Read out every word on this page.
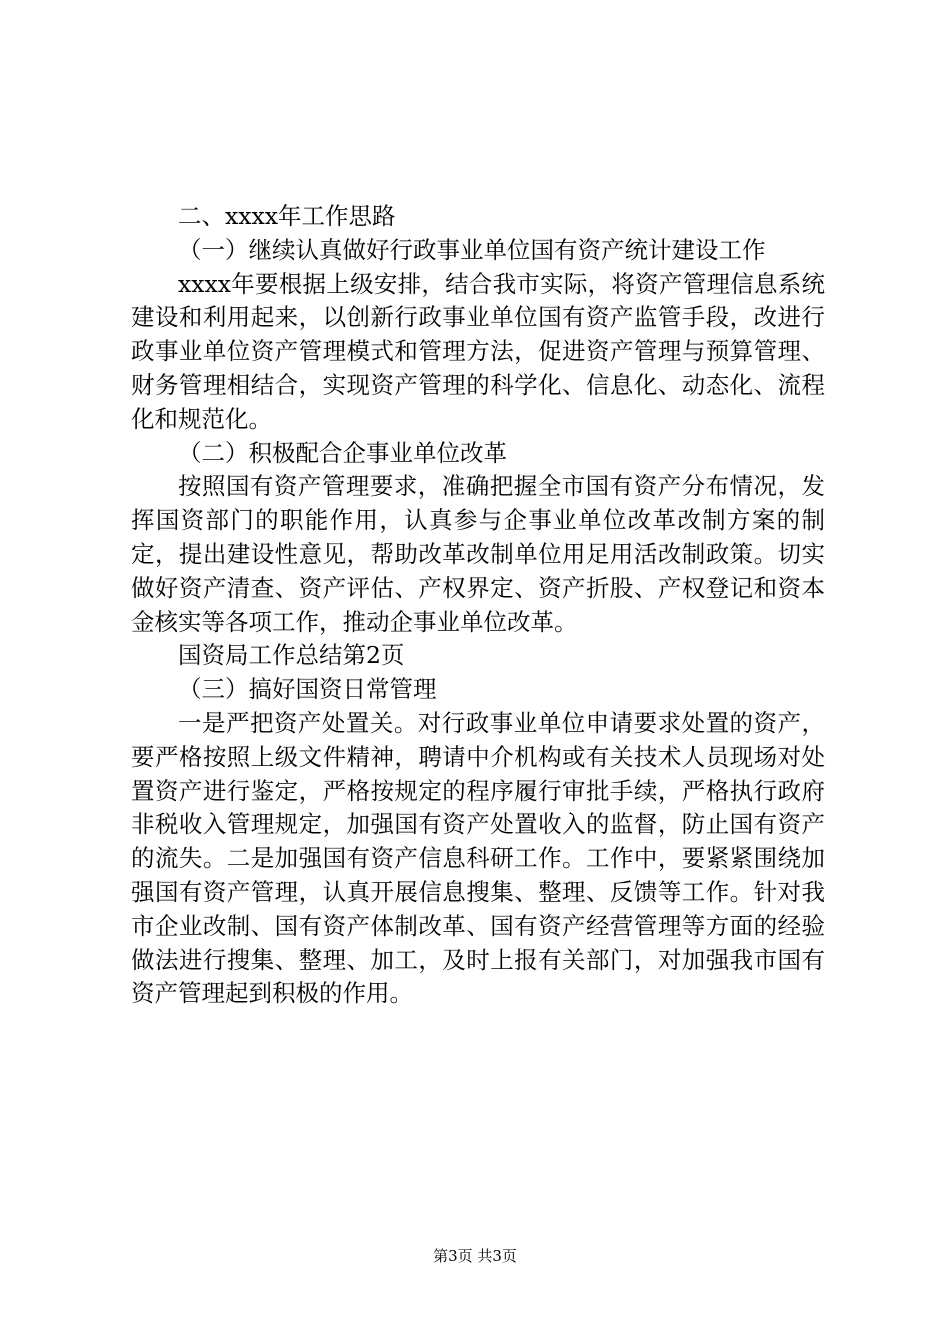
二、xxxx年工作思路

（一）继续认真做好行政事业单位国有资产统计建设工作

xxxx年要根据上级安排，结合我市实际，将资产管理信息系统建设和利用起来，以创新行政事业单位国有资产监管手段，改进行政事业单位资产管理模式和管理方法，促进资产管理与预算管理、财务管理相结合，实现资产管理的科学化、信息化、动态化、流程化和规范化。

（二）积极配合企事业单位改革

按照国有资产管理要求，准确把握全市国有资产分布情况，发挥国资部门的职能作用，认真参与企事业单位改革改制方案的制定，提出建设性意见，帮助改革改制单位用足用活改制政策。切实做好资产清查、资产评估、产权界定、资产折股、产权登记和资本金核实等各项工作，推动企事业单位改革。

国资局工作总结第2页

（三）搞好国资日常管理

一是严把资产处置关。对行政事业单位申请要求处置的资产，要严格按照上级文件精神，聘请中介机构或有关技术人员现场对处置资产进行鉴定，严格按规定的程序履行审批手续，严格执行政府非税收入管理规定，加强国有资产处置收入的监督，防止国有资产的流失。二是加强国有资产信息科研工作。工作中，要紧紧围绕加强国有资产管理，认真开展信息搜集、整理、反馈等工作。针对我市企业改制、国有资产体制改革、国有资产经营管理等方面的经验做法进行搜集、整理、加工，及时上报有关部门，对加强我市国有资产管理起到积极的作用。

第3页 共3页
